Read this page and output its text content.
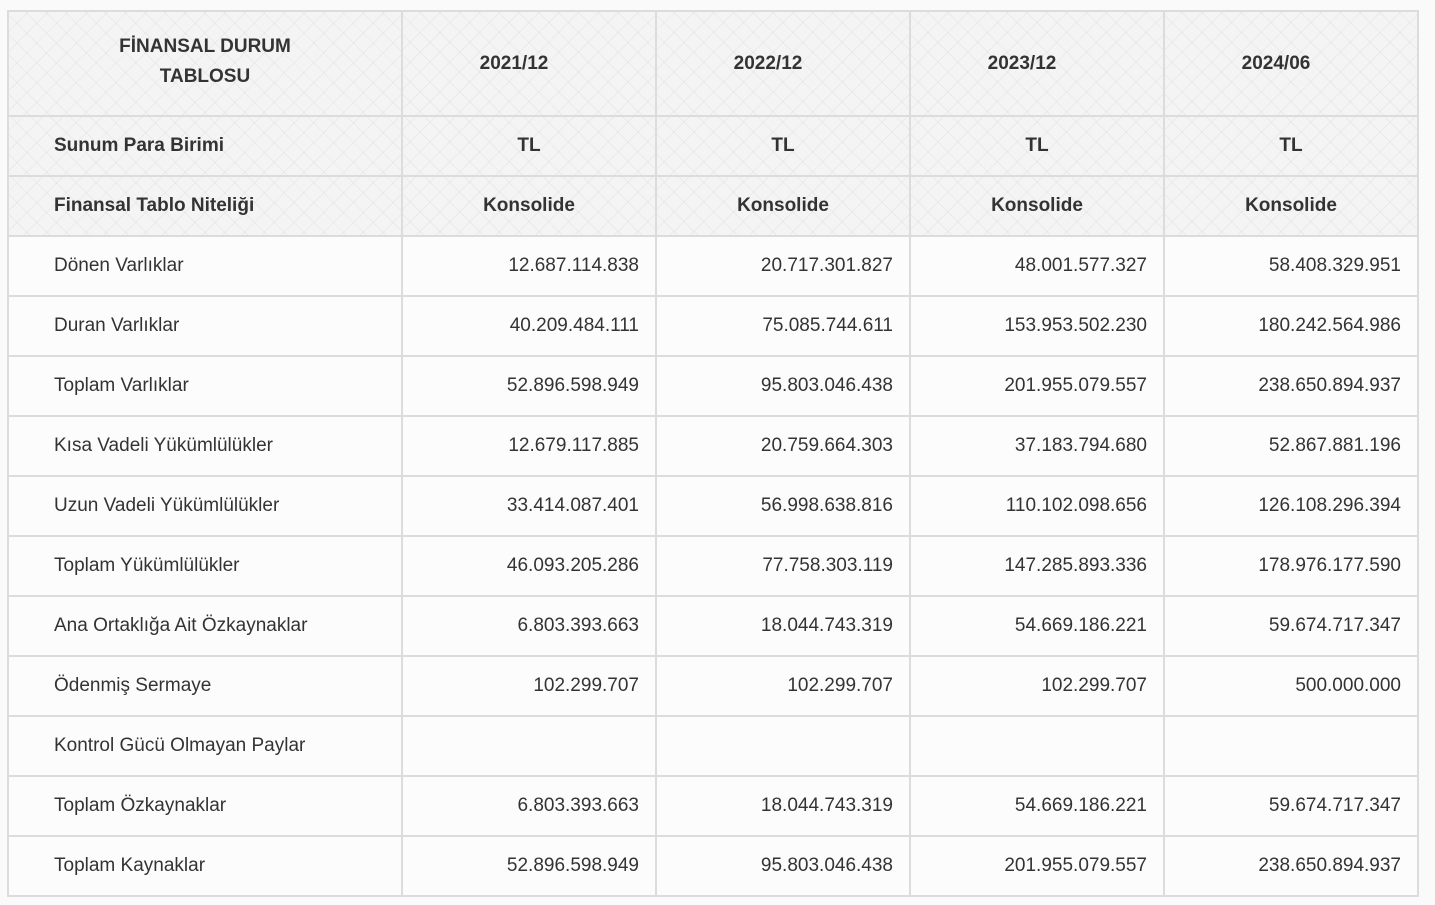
FİNANSAL DURUM
TABLOSU	2021/12	2022/12	2023/12	2024/06
Sunum Para Birimi	TL	TL	TL	TL
Finansal Tablo Niteliği	Konsolide	Konsolide	Konsolide	Konsolide
Dönen Varlıklar	12.687.114.838	20.717.301.827	48.001.577.327	58.408.329.951
Duran Varlıklar	40.209.484.111	75.085.744.611	153.953.502.230	180.242.564.986
Toplam Varlıklar	52.896.598.949	95.803.046.438	201.955.079.557	238.650.894.937
Kısa Vadeli Yükümlülükler	12.679.117.885	20.759.664.303	37.183.794.680	52.867.881.196
Uzun Vadeli Yükümlülükler	33.414.087.401	56.998.638.816	110.102.098.656	126.108.296.394
Toplam Yükümlülükler	46.093.205.286	77.758.303.119	147.285.893.336	178.976.177.590
Ana Ortaklığa Ait Özkaynaklar	6.803.393.663	18.044.743.319	54.669.186.221	59.674.717.347
Ödenmiş Sermaye	102.299.707	102.299.707	102.299.707	500.000.000
Kontrol Gücü Olmayan Paylar				
Toplam Özkaynaklar	6.803.393.663	18.044.743.319	54.669.186.221	59.674.717.347
Toplam Kaynaklar	52.896.598.949	95.803.046.438	201.955.079.557	238.650.894.937
